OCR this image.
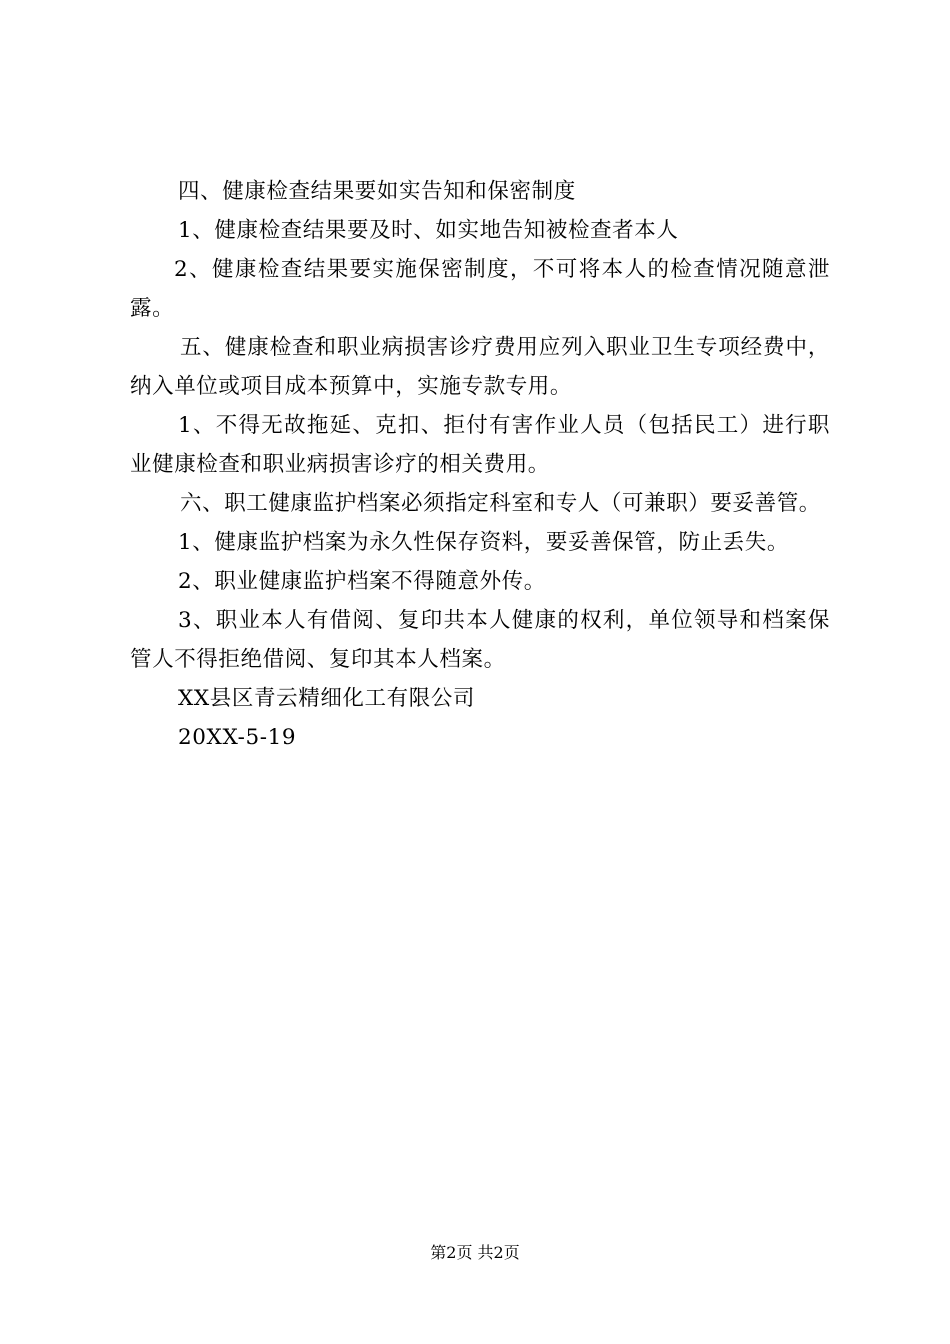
四、健康检查结果要如实告知和保密制度

1、健康检查结果要及时、如实地告知被检查者本人

2、健康检查结果要实施保密制度，不可将本人的检查情况随意泄露。

五、健康检查和职业病损害诊疗费用应列入职业卫生专项经费中，纳入单位或项目成本预算中，实施专款专用。

1、不得无故拖延、克扣、拒付有害作业人员（包括民工）进行职业健康检查和职业病损害诊疗的相关费用。

六、职工健康监护档案必须指定科室和专人（可兼职）要妥善管。

1、健康监护档案为永久性保存资料，要妥善保管，防止丢失。

2、职业健康监护档案不得随意外传。

3、职业本人有借阅、复印共本人健康的权利，单位领导和档案保管人不得拒绝借阅、复印其本人档案。

XX县区青云精细化工有限公司

20XX-5-19

第2页 共2页
